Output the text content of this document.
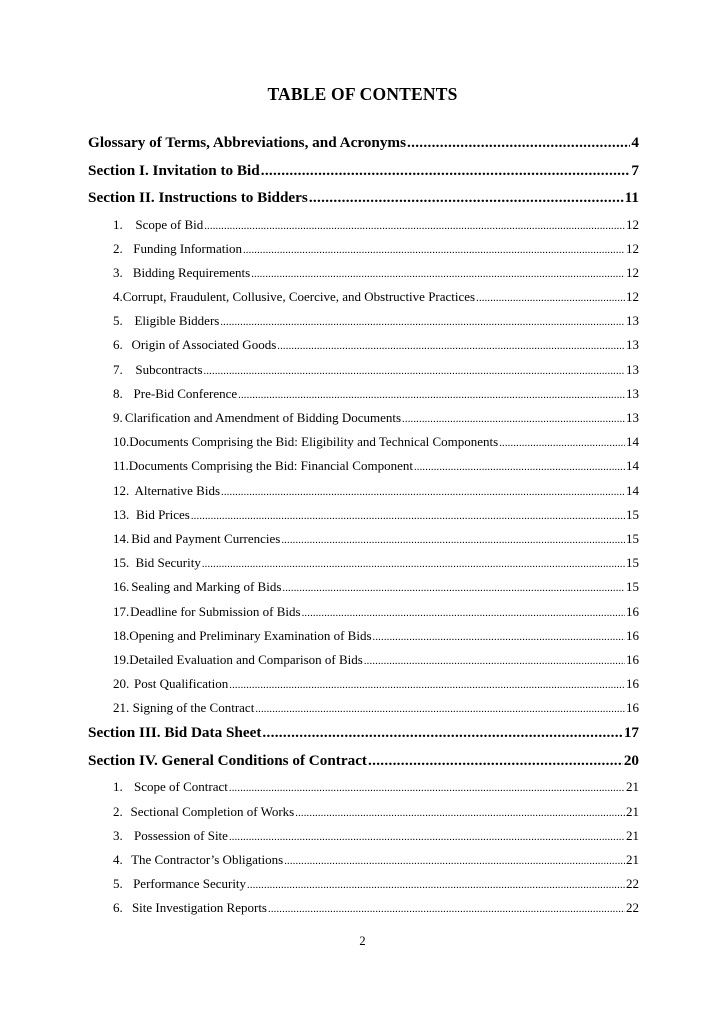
TABLE OF CONTENTS
Glossary of Terms, Abbreviations, and Acronyms .....	4
Section I. Invitation to Bid .....	7
Section II. Instructions to Bidders .....	11
1. Scope of Bid .....	12
2. Funding Information .....	12
3. Bidding Requirements .....	12
4. Corrupt, Fraudulent, Collusive, Coercive, and Obstructive Practices .....	12
5. Eligible Bidders .....	13
6. Origin of Associated Goods .....	13
7. Subcontracts .....	13
8. Pre-Bid Conference .....	13
9. Clarification and Amendment of Bidding Documents .....	13
10. Documents Comprising the Bid: Eligibility and Technical Components .....	14
11. Documents Comprising the Bid: Financial Component .....	14
12. Alternative Bids .....	14
13. Bid Prices .....	15
14. Bid and Payment Currencies .....	15
15. Bid Security .....	15
16. Sealing and Marking of Bids .....	15
17. Deadline for Submission of Bids .....	16
18. Opening and Preliminary Examination of Bids .....	16
19. Detailed Evaluation and Comparison of Bids .....	16
20. Post Qualification .....	16
21. Signing of the Contract .....	16
Section III. Bid Data Sheet .....	17
Section IV. General Conditions of Contract .....	20
1. Scope of Contract .....	21
2. Sectional Completion of Works .....	21
3. Possession of Site .....	21
4. The Contractor’s Obligations .....	21
5. Performance Security .....	22
6. Site Investigation Reports .....	22
2
